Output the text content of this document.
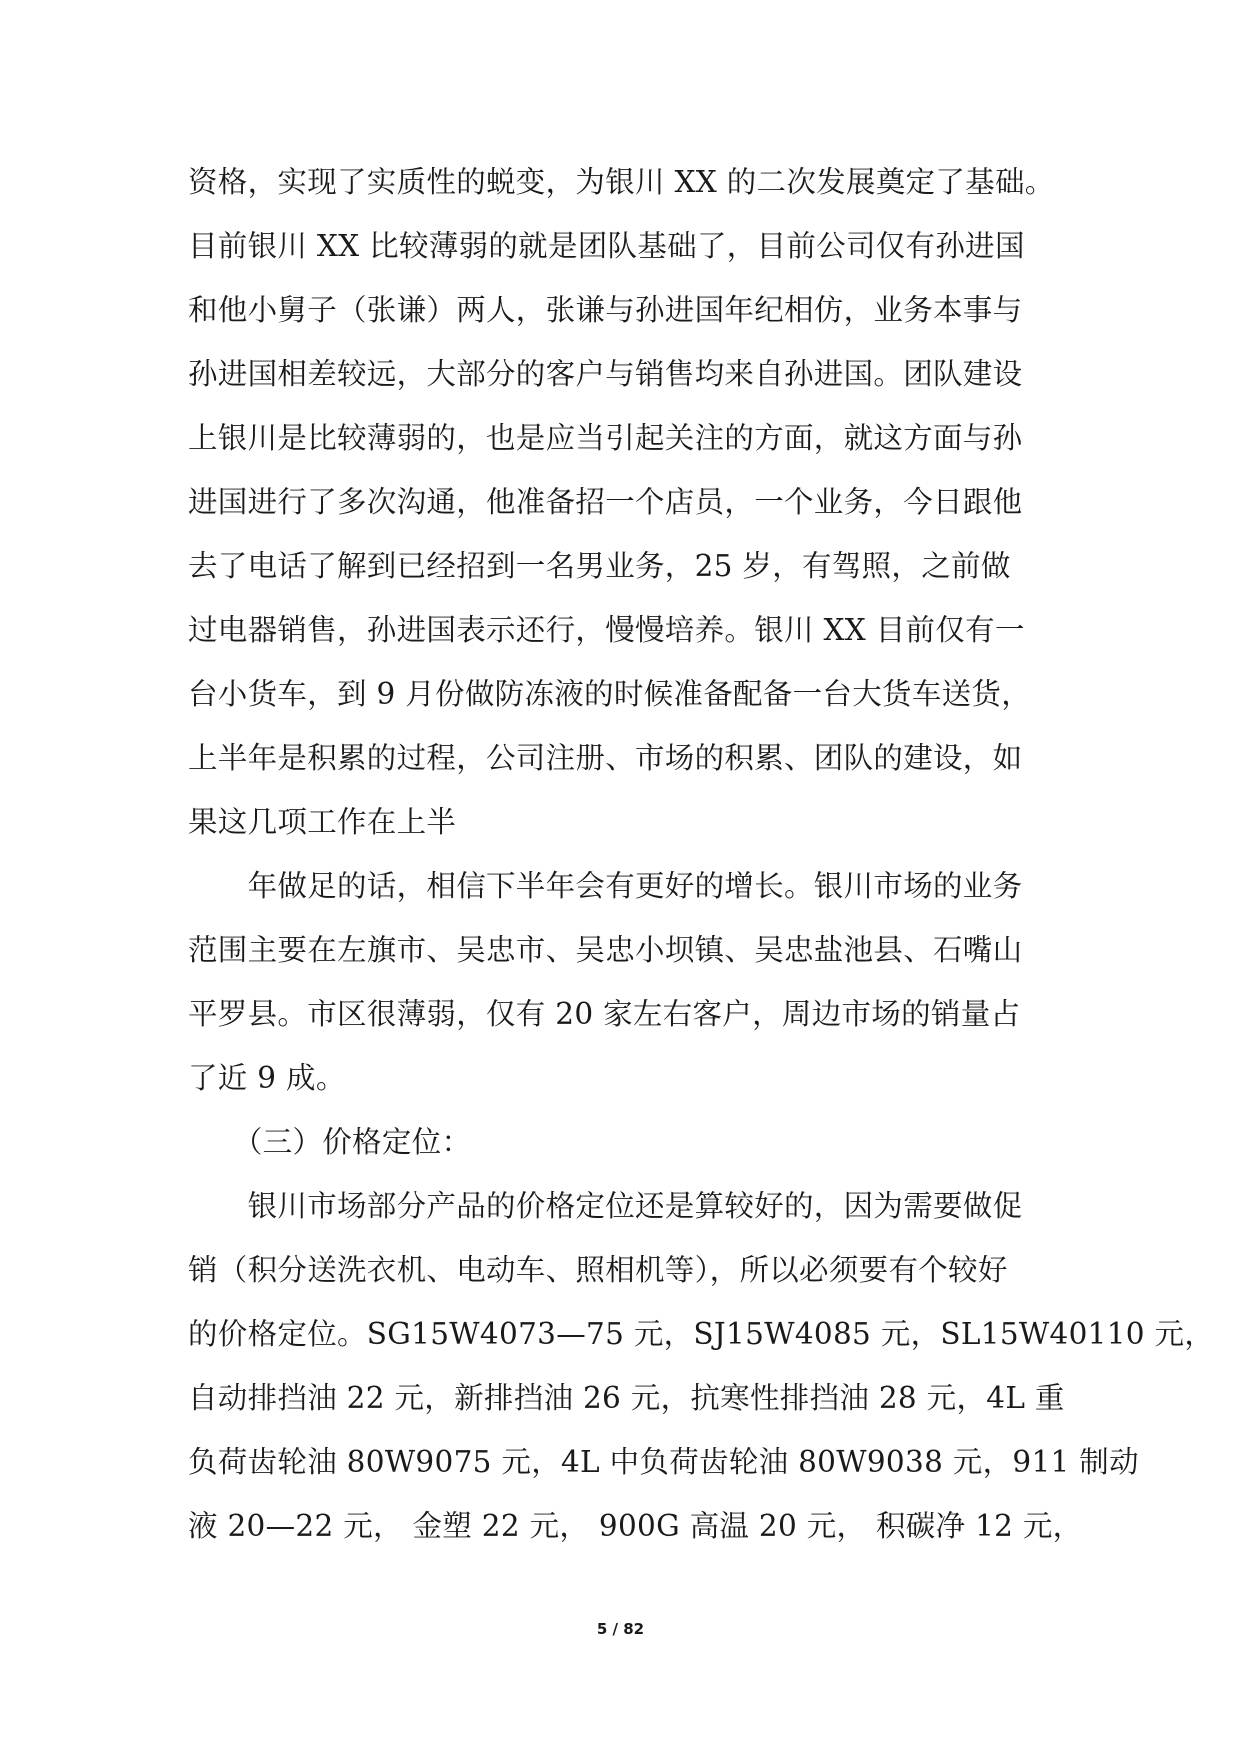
资格，实现了实质性的蜕变，为银川 XX 的二次发展奠定了基础。
目前银川 XX 比较薄弱的就是团队基础了，目前公司仅有孙进国
和他小舅子（张谦）两人，张谦与孙进国年纪相仿，业务本事与
孙进国相差较远，大部分的客户与销售均来自孙进国。团队建设
上银川是比较薄弱的，也是应当引起关注的方面，就这方面与孙
进国进行了多次沟通，他准备招一个店员，一个业务，今日跟他
去了电话了解到已经招到一名男业务，25 岁，有驾照，之前做
过电器销售，孙进国表示还行，慢慢培养。银川 XX 目前仅有一
台小货车，到 9 月份做防冻液的时候准备配备一台大货车送货，
上半年是积累的过程，公司注册、市场的积累、团队的建设，如
果这几项工作在上半
　　年做足的话，相信下半年会有更好的增长。银川市场的业务
范围主要在左旗市、吴忠市、吴忠小坝镇、吴忠盐池县、石嘴山
平罗县。市区很薄弱，仅有 20 家左右客户，周边市场的销量占
了近 9 成。
　　（三）价格定位：
　　银川市场部分产品的价格定位还是算较好的，因为需要做促
销（积分送洗衣机、电动车、照相机等），所以必须要有个较好
的价格定位。SG15W4073—75 元，SJ15W4085 元，SL15W40110 元，
自动排挡油 22 元，新排挡油 26 元，抗寒性排挡油 28 元，4L 重
负荷齿轮油 80W9075 元，4L 中负荷齿轮油 80W9038 元，911 制动
液 20—22 元， 金塑 22 元， 900G 高温 20 元， 积碳净 12 元，
5 / 82
